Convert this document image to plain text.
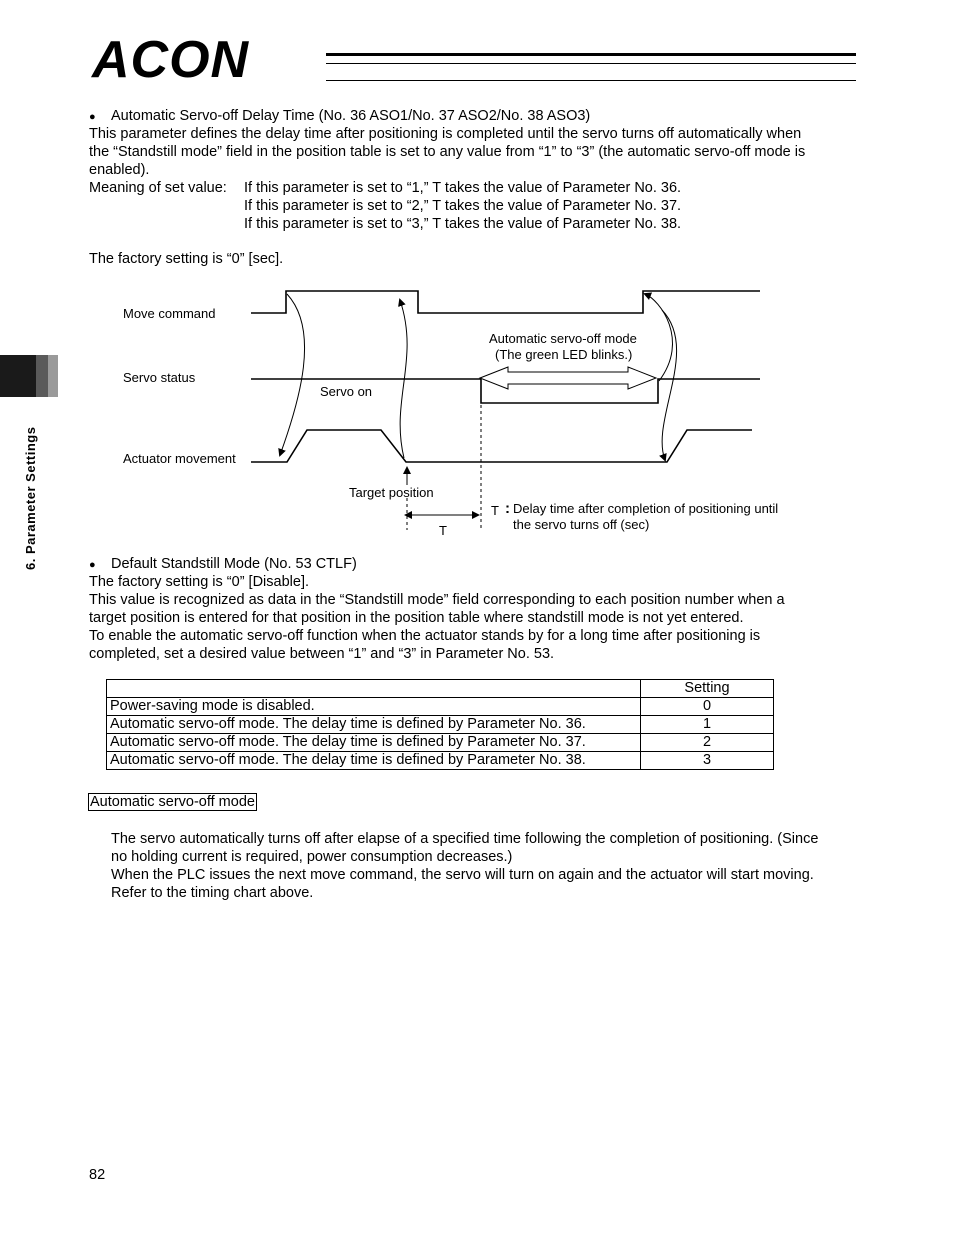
ACON
6. Parameter Settings
● Automatic Servo-off Delay Time (No. 36 ASO1/No. 37 ASO2/No. 38 ASO3)
This parameter defines the delay time after positioning is completed until the servo turns off automatically when
the “Standstill mode” field in the position table is set to any value from “1” to “3” (the automatic servo-off mode is
enabled).
Meaning of set value: If this parameter is set to “1,” T takes the value of Parameter No. 36.
If this parameter is set to “2,” T takes the value of Parameter No. 37.
If this parameter is set to “3,” T takes the value of Parameter No. 38.
The factory setting is “0” [sec].
Move command
Servo status
Actuator movement
Servo on
Automatic servo-off mode
(The green LED blinks.)
Target position
T
T : Delay time after completion of positioning until
the servo turns off (sec)
● Default Standstill Mode (No. 53 CTLF)
The factory setting is “0” [Disable].
This value is recognized as data in the “Standstill mode” field corresponding to each position number when a
target position is entered for that position in the position table where standstill mode is not yet entered.
To enable the automatic servo-off function when the actuator stands by for a long time after positioning is
completed, set a desired value between “1” and “3” in Parameter No. 53.
	Setting
Power-saving mode is disabled.	0
Automatic servo-off mode. The delay time is defined by Parameter No. 36.	1
Automatic servo-off mode. The delay time is defined by Parameter No. 37.	2
Automatic servo-off mode. The delay time is defined by Parameter No. 38.	3
Automatic servo-off mode
The servo automatically turns off after elapse of a specified time following the completion of positioning. (Since
no holding current is required, power consumption decreases.)
When the PLC issues the next move command, the servo will turn on again and the actuator will start moving.
Refer to the timing chart above.
82
